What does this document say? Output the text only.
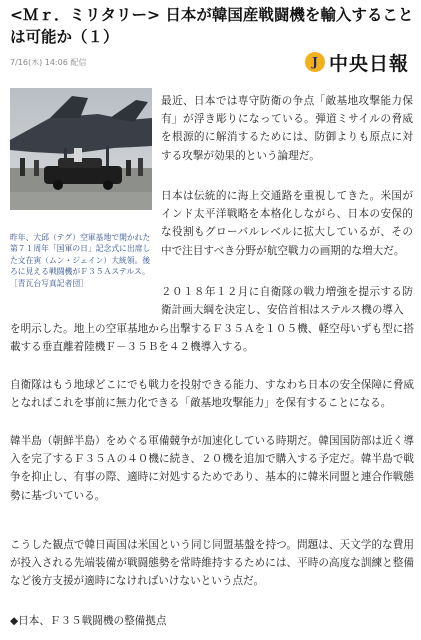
<Ｍｒ．ミリタリー> 日本が韓国産戦闘機を輸入することは可能か（１）
7/16(木) 14:06 配信	J 中央日報
昨年、大邱（テグ）空軍基地で開かれた第７１周年「国軍の日」記念式に出席した文在寅（ムン・ジェイン）大統領。後ろに見える戦闘機がＦ３５Ａステルス。［青瓦台写真記者団］

最近、日本では専守防衛の争点「敵基地攻撃能力保有」が浮き彫りになっている。弾道ミサイルの脅威を根源的に解消するためには、防御よりも原点に対する攻撃が効果的という論理だ。

日本は伝統的に海上交通路を重視してきた。米国がインド太平洋戦略を本格化しながら、日本の安保的な役割もグローバルレベルに拡大しているが、その中で注目すべき分野が航空戦力の画期的な増大だ。

２０１８年１２月に自衛隊の戦力増強を提示する防衛計画大綱を決定し、安倍首相はステルス機の導入

を明示した。地上の空軍基地から出撃するＦ３５Ａを１０５機、軽空母いずも型に搭載する垂直離着陸機Ｆ－３５Ｂを４２機導入する。

自衛隊はもう地球どこにでも戦力を投射できる能力、すなわち日本の安全保障に脅威となればこれを事前に無力化できる「敵基地攻撃能力」を保有することになる。

韓半島（朝鮮半島）をめぐる軍備競争が加速化している時期だ。韓国国防部は近く導入を完了するＦ３５Ａの４０機に続き、２０機を追加で購入する予定だ。韓半島で戦争を抑止し、有事の際、適時に対処するためであり、基本的に韓米同盟と連合作戦態勢に基づいている。

こうした観点で韓日両国は米国という同じ同盟基盤を持つ。問題は、天文学的な費用が投入される先端装備が戦闘態勢を常時維持するためには、平時の高度な訓練と整備など後方支援が適時になければいけないという点だ。

◆日本、Ｆ３５戦闘機の整備拠点
